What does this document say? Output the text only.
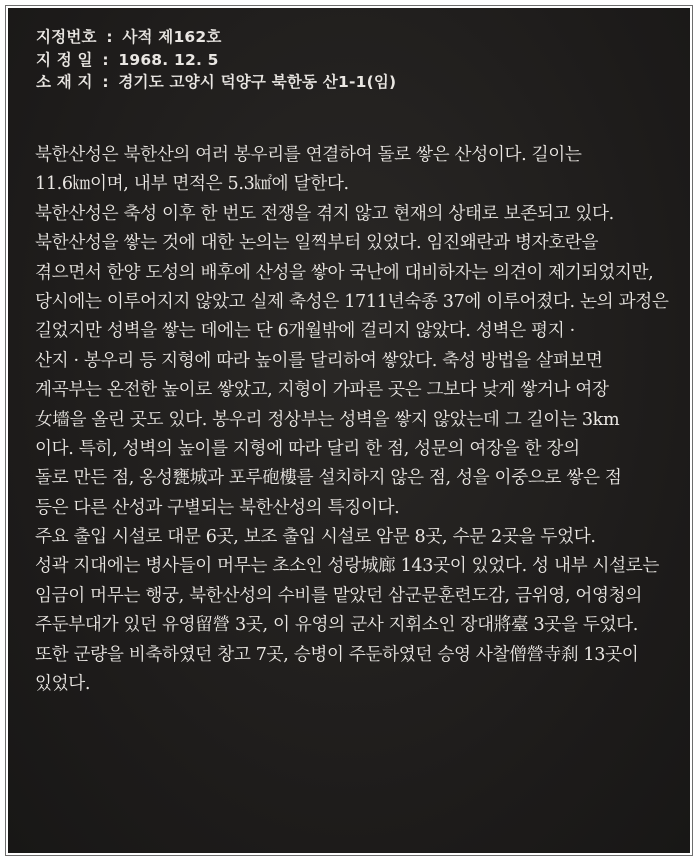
지정번호 : 사적 제162호
지 정 일 : 1968. 12. 5
소 재 지 : 경기도 고양시 덕양구 북한동 산1-1(임)
북한산성은 북한산의 여러 봉우리를 연결하여 돌로 쌓은 산성이다. 길이는
11.6㎞이며, 내부 면적은 5.3㎢에 달한다.
북한산성은 축성 이후 한 번도 전쟁을 겪지 않고 현재의 상태로 보존되고 있다.
북한산성을 쌓는 것에 대한 논의는 일찍부터 있었다. 임진왜란과 병자호란을
겪으면서 한양 도성의 배후에 산성을 쌓아 국난에 대비하자는 의견이 제기되었지만,
당시에는 이루어지지 않았고 실제 축성은 1711년숙종 37에 이루어졌다. 논의 과정은
길었지만 성벽을 쌓는 데에는 단 6개월밖에 걸리지 않았다. 성벽은 평지 ·
산지 · 봉우리 등 지형에 따라 높이를 달리하여 쌓았다. 축성 방법을 살펴보면
계곡부는 온전한 높이로 쌓았고, 지형이 가파른 곳은 그보다 낮게 쌓거나 여장
女墻을 올린 곳도 있다. 봉우리 정상부는 성벽을 쌓지 않았는데 그 길이는 3km
이다. 특히, 성벽의 높이를 지형에 따라 달리 한 점, 성문의 여장을 한 장의
돌로 만든 점, 옹성甕城과 포루砲樓를 설치하지 않은 점, 성을 이중으로 쌓은 점
등은 다른 산성과 구별되는 북한산성의 특징이다.
주요 출입 시설로 대문 6곳, 보조 출입 시설로 암문 8곳, 수문 2곳을 두었다.
성곽 지대에는 병사들이 머무는 초소인 성랑城廊 143곳이 있었다. 성 내부 시설로는
임금이 머무는 행궁, 북한산성의 수비를 맡았던 삼군문훈련도감, 금위영, 어영청의
주둔부대가 있던 유영留營 3곳, 이 유영의 군사 지휘소인 장대將臺 3곳을 두었다.
또한 군량을 비축하였던 창고 7곳, 승병이 주둔하였던 승영 사찰僧營寺刹 13곳이
있었다.
